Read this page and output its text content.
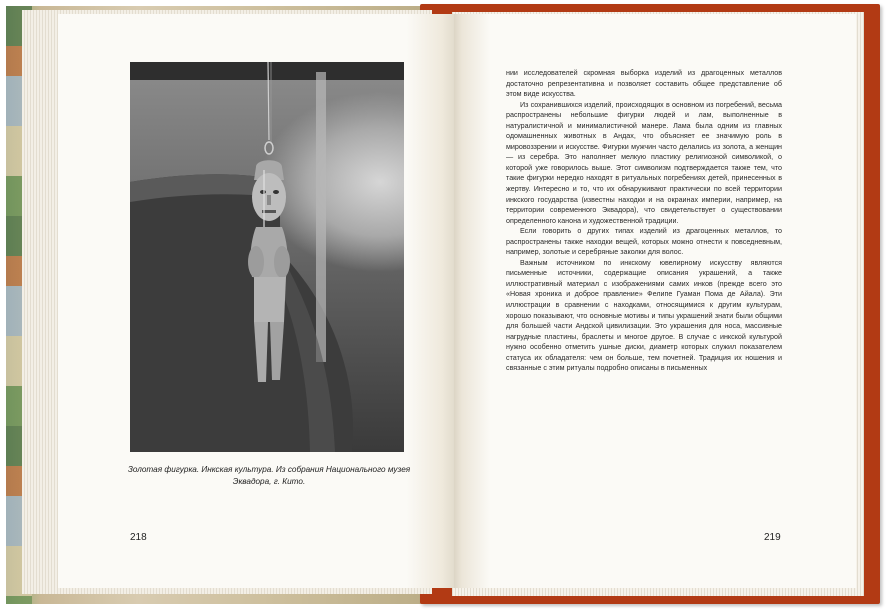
Золотая фигурка. Инкская культура. Из собрания Национального музея Эквадора, г. Кито.
218

нии исследователей скромная выборка изделий из драгоценных металлов достаточно репрезентативна и позволяет составить общее представление об этом виде искусства.

Из сохранившихся изделий, происходящих в основном из погребений, весьма распространены небольшие фигурки людей и лам, выполненные в натуралистичной и минималистичной манере. Лама была одним из главных одомашненных животных в Андах, что объясняет ее значимую роль в мировоззрении и искусстве. Фигурки мужчин часто делались из золота, а женщин — из серебра. Это наполняет мелкую пластику религиозной символикой, о которой уже говорилось выше. Этот символизм подтверждается также тем, что такие фигурки нередко находят в ритуальных погребениях детей, принесенных в жертву. Интересно и то, что их обнаруживают практически по всей территории инкского государства (известны находки и на окраинах империи, например, на территории современного Эквадора), что свидетельствует о существовании определенного канона и художественной традиции.

Если говорить о других типах изделий из драгоценных металлов, то распространены также находки вещей, которых можно отнести к повседневным, например, золотые и серебряные заколки для волос.

Важным источником по инкскому ювелирному искусству являются письменные источники, содержащие описания украшений, а также иллюстративный материал с изображениями самих инков (прежде всего это «Новая хроника и доброе правление» Фелипе Гуаман Пома де Айала). Эти иллюстрации в сравнении с находками, относящимися к другим культурам, хорошо показывают, что основные мотивы и типы украшений знати были общими для большей части Андской цивилизации. Это украшения для носа, массивные нагрудные пластины, браслеты и многое другое. В случае с инкской культурой нужно особенно отметить ушные диски, диаметр которых служил показателем статуса их обладателя: чем он больше, тем почетней. Традиция их ношения и связанные с этим ритуалы подробно описаны в письменных

219
